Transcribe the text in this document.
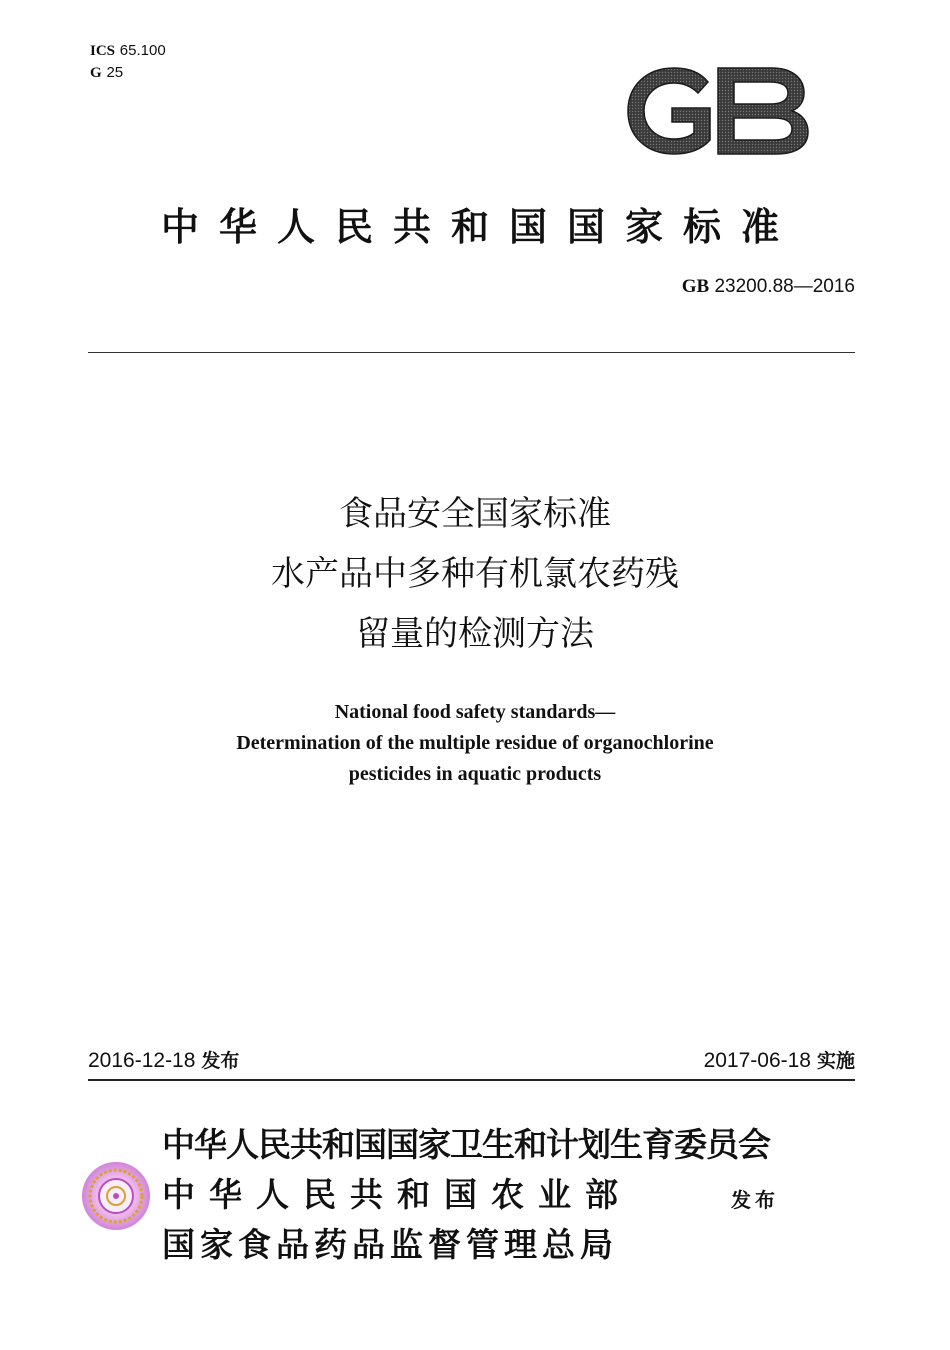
ICS 65.100
G 25
中华人民共和国国家标准
GB 23200.88—2016
食品安全国家标准
水产品中多种有机氯农药残
留量的检测方法
National food safety standards—
Determination of the multiple residue of organochlorine
pesticides in aquatic products
2016-12-18 发布	2017-06-18 实施
中华人民共和国国家卫生和计划生育委员会
中华人民共和国农业部
国家食品药品监督管理总局
发布
